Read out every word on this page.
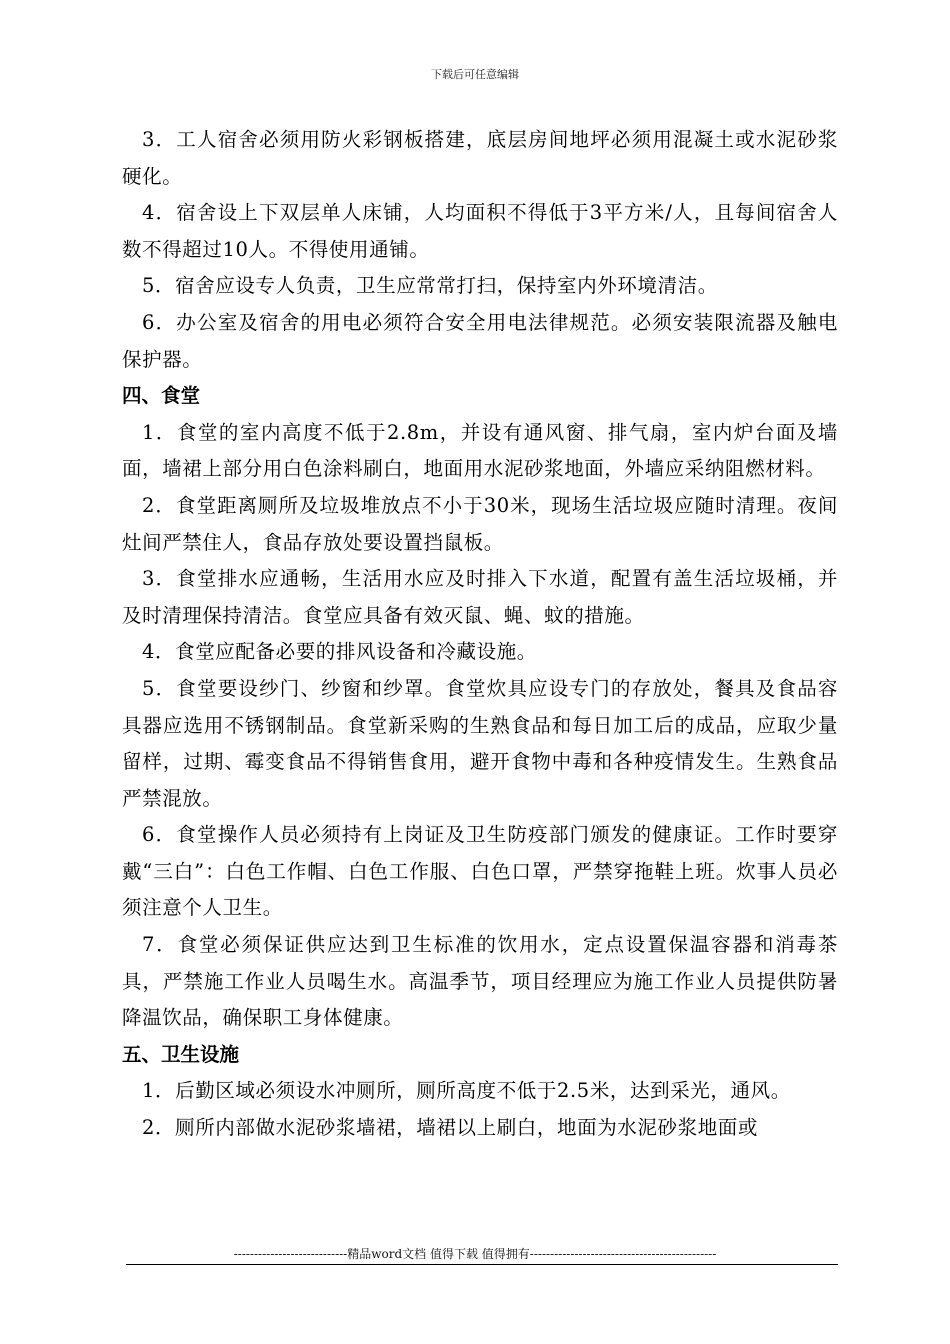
下载后可任意编辑

3．工人宿舍必须用防火彩钢板搭建，底层房间地坪必须用混凝土或水泥砂浆硬化。

4．宿舍设上下双层单人床铺，人均面积不得低于3平方米/人，且每间宿舍人数不得超过10人。不得使用通铺。

5．宿舍应设专人负责，卫生应常常打扫，保持室内外环境清洁。

6．办公室及宿舍的用电必须符合安全用电法律规范。必须安装限流器及触电保护器。

四、食堂

1．食堂的室内高度不低于2.8m，并设有通风窗、排气扇，室内炉台面及墙面，墙裙上部分用白色涂料刷白，地面用水泥砂浆地面，外墙应采纳阻燃材料。

2．食堂距离厕所及垃圾堆放点不小于30米，现场生活垃圾应随时清理。夜间灶间严禁住人，食品存放处要设置挡鼠板。

3．食堂排水应通畅，生活用水应及时排入下水道，配置有盖生活垃圾桶，并及时清理保持清洁。食堂应具备有效灭鼠、蝇、蚊的措施。

4．食堂应配备必要的排风设备和冷藏设施。

5．食堂要设纱门、纱窗和纱罩。食堂炊具应设专门的存放处，餐具及食品容具器应选用不锈钢制品。食堂新采购的生熟食品和每日加工后的成品，应取少量留样，过期、霉变食品不得销售食用，避开食物中毒和各种疫情发生。生熟食品严禁混放。

6．食堂操作人员必须持有上岗证及卫生防疫部门颁发的健康证。工作时要穿戴“三白”：白色工作帽、白色工作服、白色口罩，严禁穿拖鞋上班。炊事人员必须注意个人卫生。

7．食堂必须保证供应达到卫生标准的饮用水，定点设置保温容器和消毒茶具，严禁施工作业人员喝生水。高温季节，项目经理应为施工作业人员提供防暑降温饮品，确保职工身体健康。

五、卫生设施

1．后勤区域必须设水冲厕所，厕所高度不低于2.5米，达到采光，通风。

2．厕所内部做水泥砂浆墙裙，墙裙以上刷白，地面为水泥砂浆地面或

----------------------------精品word文档 值得下载 值得拥有----------------------------------------------
